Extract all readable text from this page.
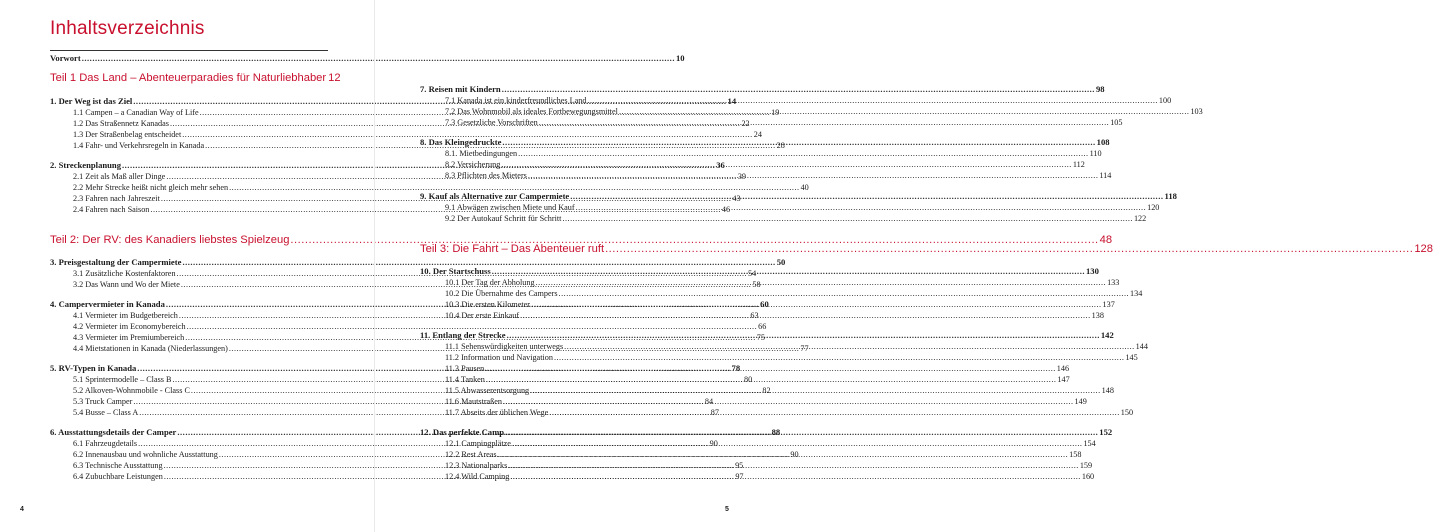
Inhaltsverzeichnis
Vorwort .....	10
Teil 1 Das Land – Abenteuerparadies für Naturliebhaber 12
1. Der Weg ist das Ziel .....	14
1.1 Campen – a Canadian Way of Life .....	19
1.2 Das Straßennetz Kanadas .....	22
1.3 Der Straßenbelag entscheidet .....	24
1.4 Fahr- und Verkehrsregeln in Kanada .....	28
2. Streckenplanung .....	36
2.1 Zeit als Maß aller Dinge .....	39
2.2 Mehr Strecke heißt nicht gleich mehr sehen .....	40
2.3 Fahren nach Jahreszeit .....	43
2.4 Fahren nach Saison .....	46
Teil 2: Der RV: des Kanadiers liebstes Spielzeug .....	48
3. Preisgestaltung der Campermiete .....	50
3.1 Zusätzliche Kostenfaktoren .....	54
3.2 Das Wann und Wo der Miete .....	58
4. Campervermieter in Kanada .....	60
4.1 Vermieter im Budgetbereich .....	63
4.2 Vermieter im Economybereich .....	66
4.3 Vermieter im Premiumbereich .....	75
4.4 Mietstationen in Kanada (Niederlassungen) .....	77
5. RV-Typen in Kanada .....	78
5.1 Sprintermodelle – Class B .....	80
5.2 Alkoven-Wohnmobile - Class C .....	82
5.3 Truck Camper .....	84
5.4 Busse – Class A .....	87
6. Ausstattungsdetails der Camper .....	88
6.1 Fahrzeugdetails .....	90
6.2 Innenausbau und wohnliche Ausstattung .....	90
6.3 Technische Ausstattung .....	95
6.4 Zubuchbare Leistungen .....	97
4
7. Reisen mit Kindern .....	98
7.1 Kanada ist ein kinderfreundliches Land .....	100
7.2 Das Wohnmobil als ideales Fortbewegungsmittel .....	103
7.3 Gesetzliche Vorschriften .....	105
8. Das Kleingedruckte .....	108
8.1. Mietbedingungen .....	110
8.2 Versicherung .....	112
8.3 Pflichten des Mieters .....	114
9. Kauf als Alternative zur Campermiete .....	118
9.1 Abwägen zwischen Miete und Kauf .....	120
9.2 Der Autokauf Schritt für Schritt .....	122
Teil 3: Die Fahrt – Das Abenteuer ruft .....	128
10. Der Startschuss .....	130
10.1 Der Tag der Abholung .....	133
10.2 Die Übernahme des Campers .....	134
10.3 Die ersten Kilometer .....	137
10.4 Der erste Einkauf .....	138
11. Entlang der Strecke .....	142
11.1 Sehenswürdigkeiten unterwegs .....	144
11.2 Information und Navigation .....	145
11.3 Pausen .....	146
11.4 Tanken .....	147
11.5 Abwasserentsorgung .....	148
11.6 Mautstraßen .....	149
11.7 Abseits der üblichen Wege .....	150
12. Das perfekte Camp .....	152
12.1 Campingplätze .....	154
12.2 Rest Areas .....	158
12.3 Nationalparks .....	159
12.4 Wild Camping .....	160
5
